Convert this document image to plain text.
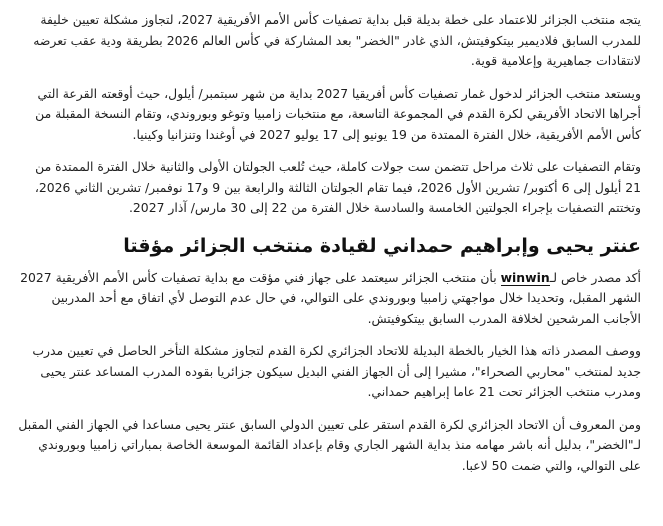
يتجه منتخب الجزائر للاعتماد على خطة بديلة قبل بداية تصفيات كأس الأمم الأفريقية 2027، لتجاوز مشكلة تعيين خليفة للمدرب السابق فلاديمير بيتكوفيتش، الذي غادر "الخضر" بعد المشاركة في كأس العالم 2026 بطريقة ودية عقب تعرضه لانتقادات جماهيرية وإعلامية قوية.

ويستعد منتخب الجزائر لدخول غمار تصفيات كأس أفريقيا 2027 بداية من شهر سبتمبر/ أيلول، حيث أوقعته القرعة التي أجراها الاتحاد الأفريقي لكرة القدم في المجموعة التاسعة، مع منتخبات زامبيا وتوغو وبوروندي، وتقام النسخة المقبلة من كأس الأمم الأفريقية، خلال الفترة الممتدة من 19 يونيو إلى 17 يوليو 2027 في أوغندا وتنزانيا وكينيا.

وتقام التصفيات على ثلاث مراحل تتضمن ست جولات كاملة، حيث تُلعب الجولتان الأولى والثانية خلال الفترة الممتدة من 21 أيلول إلى 6 أكتوبر/ تشرين الأول 2026، فيما تقام الجولتان الثالثة والرابعة بين 9 و17 نوفمبر/ تشرين الثاني 2026، وتختتم التصفيات بإجراء الجولتين الخامسة والسادسة خلال الفترة من 22 إلى 30 مارس/ آذار 2027.

عنتر يحيى وإبراهيم حمداني لقيادة منتخب الجزائر مؤقتا

أكد مصدر خاص لـwinwin بأن منتخب الجزائر سيعتمد على جهاز فني مؤقت مع بداية تصفيات كأس الأمم الأفريقية 2027 الشهر المقبل، وتحديدا خلال مواجهتي زامبيا وبوروندي على التوالي، في حال عدم التوصل لأي اتفاق مع أحد المدربين الأجانب المرشحين لخلافة المدرب السابق بيتكوفيتش.

ووصف المصدر ذاته هذا الخيار بالخطة البديلة للاتحاد الجزائري لكرة القدم لتجاوز مشكلة التأخر الحاصل في تعيين مدرب جديد لمنتخب "محاربي الصحراء"، مشيرا إلى أن الجهاز الفني البديل سيكون جزائريا بقوده المدرب المساعد عنتر يحيى ومدرب منتخب الجزائر تحت 21 عاما إبراهيم حمداني.

ومن المعروف أن الاتحاد الجزائري لكرة القدم استقر على تعيين الدولي السابق عنتر يحيى مساعدا في الجهاز الفني المقبل لـ"الخضر"، بدليل أنه باشر مهامه منذ بداية الشهر الجاري وقام بإعداد القائمة الموسعة الخاصة بمباراتي زامبيا وبوروندي على التوالي، والتي ضمت 50 لاعبا.
